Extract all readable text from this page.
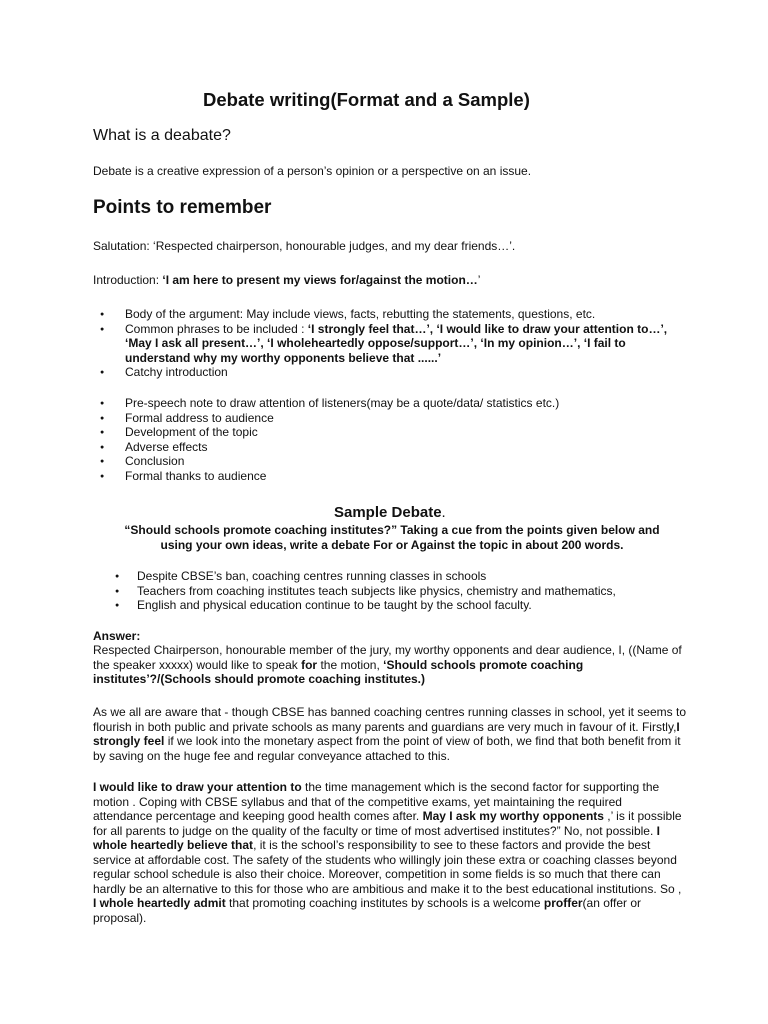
Debate writing(Format and a Sample)
What is a deabate?

Debate is a creative expression of a person’s opinion or a perspective on an issue.

Points to remember

Salutation: ‘Respected chairperson, honourable judges, and my dear friends…’.

Introduction: ‘I am here to present my views for/against the motion…’

● Body of the argument: May include views, facts, rebutting the statements, questions, etc.
● Common phrases to be included : ‘I strongly feel that…’, ‘I would like to draw your attention to…’, ‘May I ask all present…’, ‘I wholeheartedly oppose/support…’, ‘In my opinion…’, ‘I fail to understand why my worthy opponents believe that ......’
● Catchy introduction
● Pre-speech note to draw attention of listeners(may be a quote/data/ statistics etc.)
● Formal address to audience
● Development of the topic
● Adverse effects
● Conclusion
● Formal thanks to audience
Sample Debate.

“Should schools promote coaching institutes?” Taking a cue from the points given below and using your own ideas, write a debate For or Against the topic in about 200 words.

● Despite CBSE’s ban, coaching centres running classes in schools
● Teachers from coaching institutes teach subjects like physics, chemistry and mathematics,
● English and physical education continue to be taught by the school faculty.

Answer:

Respected Chairperson, honourable member of the jury, my worthy opponents and dear audience, I, ((Name of the speaker xxxxx) would like to speak for the motion, ‘Should schools promote coaching institutes’?/(Schools should promote coaching institutes.)

As we all are aware that - though CBSE has banned coaching centres running classes in school, yet it seems to flourish in both public and private schools as many parents and guardians are very much in favour of it. Firstly,I strongly feel if we look into the monetary aspect from the point of view of both, we find that both benefit from it by saving on the huge fee and regular conveyance attached to this.

I would like to draw your attention to the time management which is the second factor for supporting the motion . Coping with CBSE syllabus and that of the competitive exams, yet maintaining the required attendance percentage and keeping good health comes after. May I ask my worthy opponents ,’ is it possible for all parents to judge on the quality of the faculty or time of most advertised institutes?” No, not possible. I whole heartedly believe that, it is the school’s responsibility to see to these factors and provide the best service at affordable cost. The safety of the students who willingly join these extra or coaching classes beyond regular school schedule is also their choice. Moreover, competition in some fields is so much that there can hardly be an alternative to this for those who are ambitious and make it to the best educational institutions. So , I whole heartedly admit that promoting coaching institutes by schools is a welcome proffer(an offer or proposal).
